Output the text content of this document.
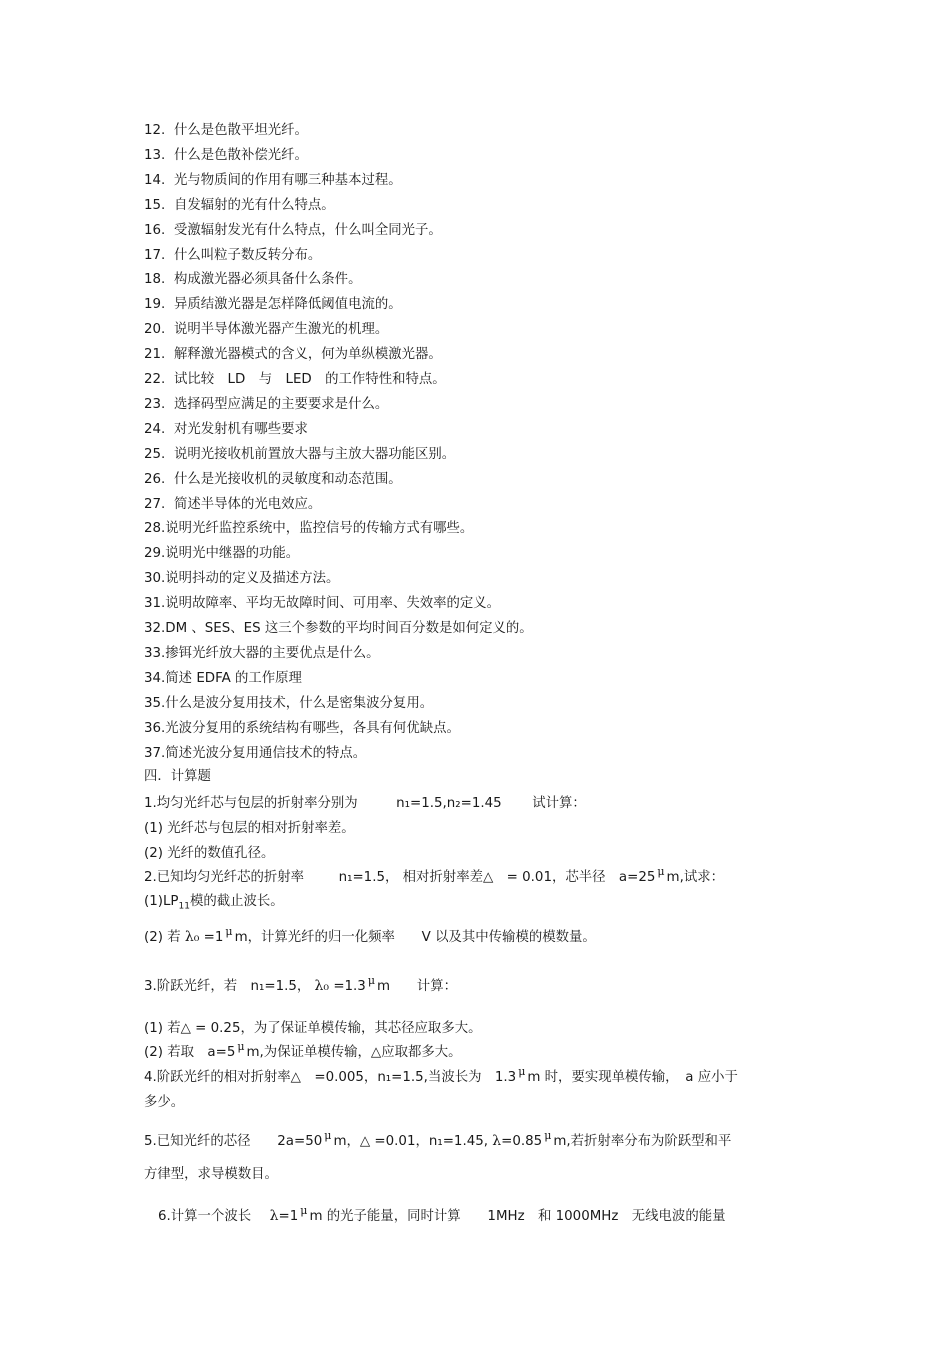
12. 什么是色散平坦光纤。
13. 什么是色散补偿光纤。
14. 光与物质间的作用有哪三种基本过程。
15. 自发辐射的光有什么特点。
16. 受激辐射发光有什么特点，什么叫全同光子。
17. 什么叫粒子数反转分布。
18. 构成激光器必须具备什么条件。
19. 异质结激光器是怎样降低阈值电流的。
20. 说明半导体激光器产生激光的机理。
21. 解释激光器模式的含义，何为单纵模激光器。
22. 试比较　LD　与　LED　的工作特性和特点。
23. 选择码型应满足的主要要求是什么。
24. 对光发射机有哪些要求
25. 说明光接收机前置放大器与主放大器功能区别。
26. 什么是光接收机的灵敏度和动态范围。
27. 简述半导体的光电效应。
28.说明光纤监控系统中，监控信号的传输方式有哪些。
29.说明光中继器的功能。
30.说明抖动的定义及描述方法。
31.说明故障率、平均无故障时间、可用率、失效率的定义。
32.DM 、SES、ES 这三个参数的平均时间百分数是如何定义的。
33.掺铒光纤放大器的主要优点是什么。
34.简述 EDFA 的工作原理
35.什么是波分复用技术，什么是密集波分复用。
36.光波分复用的系统结构有哪些，各具有何优缺点。
37.简述光波分复用通信技术的特点。
四．计算题
1.均匀光纤芯与包层的折射率分别为	n₁=1.5,n₂=1.45 试计算：
(1) 光纤芯与包层的相对折射率差。
(2) 光纤的数值孔径。
2.已知均匀光纤芯的折射率	n₁=1.5， 相对折射率差△　= 0.01，芯半径　a=25 $^\mu$ m,试求：
$(1)LP_{11}$模的截止波长。
(2) 若 λ₀ =1 $^\mu$ m，计算光纤的归一化频率　　V 以及其中传输模的模数量。
3.阶跃光纤，若　n₁=1.5， λ₀ =1.3 $^\mu$ m　　计算：
(1) 若△ = 0.25，为了保证单模传输，其芯径应取多大。
(2) 若取　a=5 $^\mu$ m,为保证单模传输，△应取都多大。
4.阶跃光纤的相对折射率△　=0.005，n₁=1.5,当波长为　1.3 $^\mu$ m 时，要实现单模传输，　a 应小于
多少。
5.已知光纤的芯径　　2a=50 $^\mu$ m，△ =0.01，n₁=1.45, λ=0.85 $^\mu$ m,若折射率分布为阶跃型和平
方律型，求导模数目。
6.计算一个波长 λ=1 $^\mu$ m 的光子能量，同时计算　　1MHz　和 1000MHz　无线电波的能量
